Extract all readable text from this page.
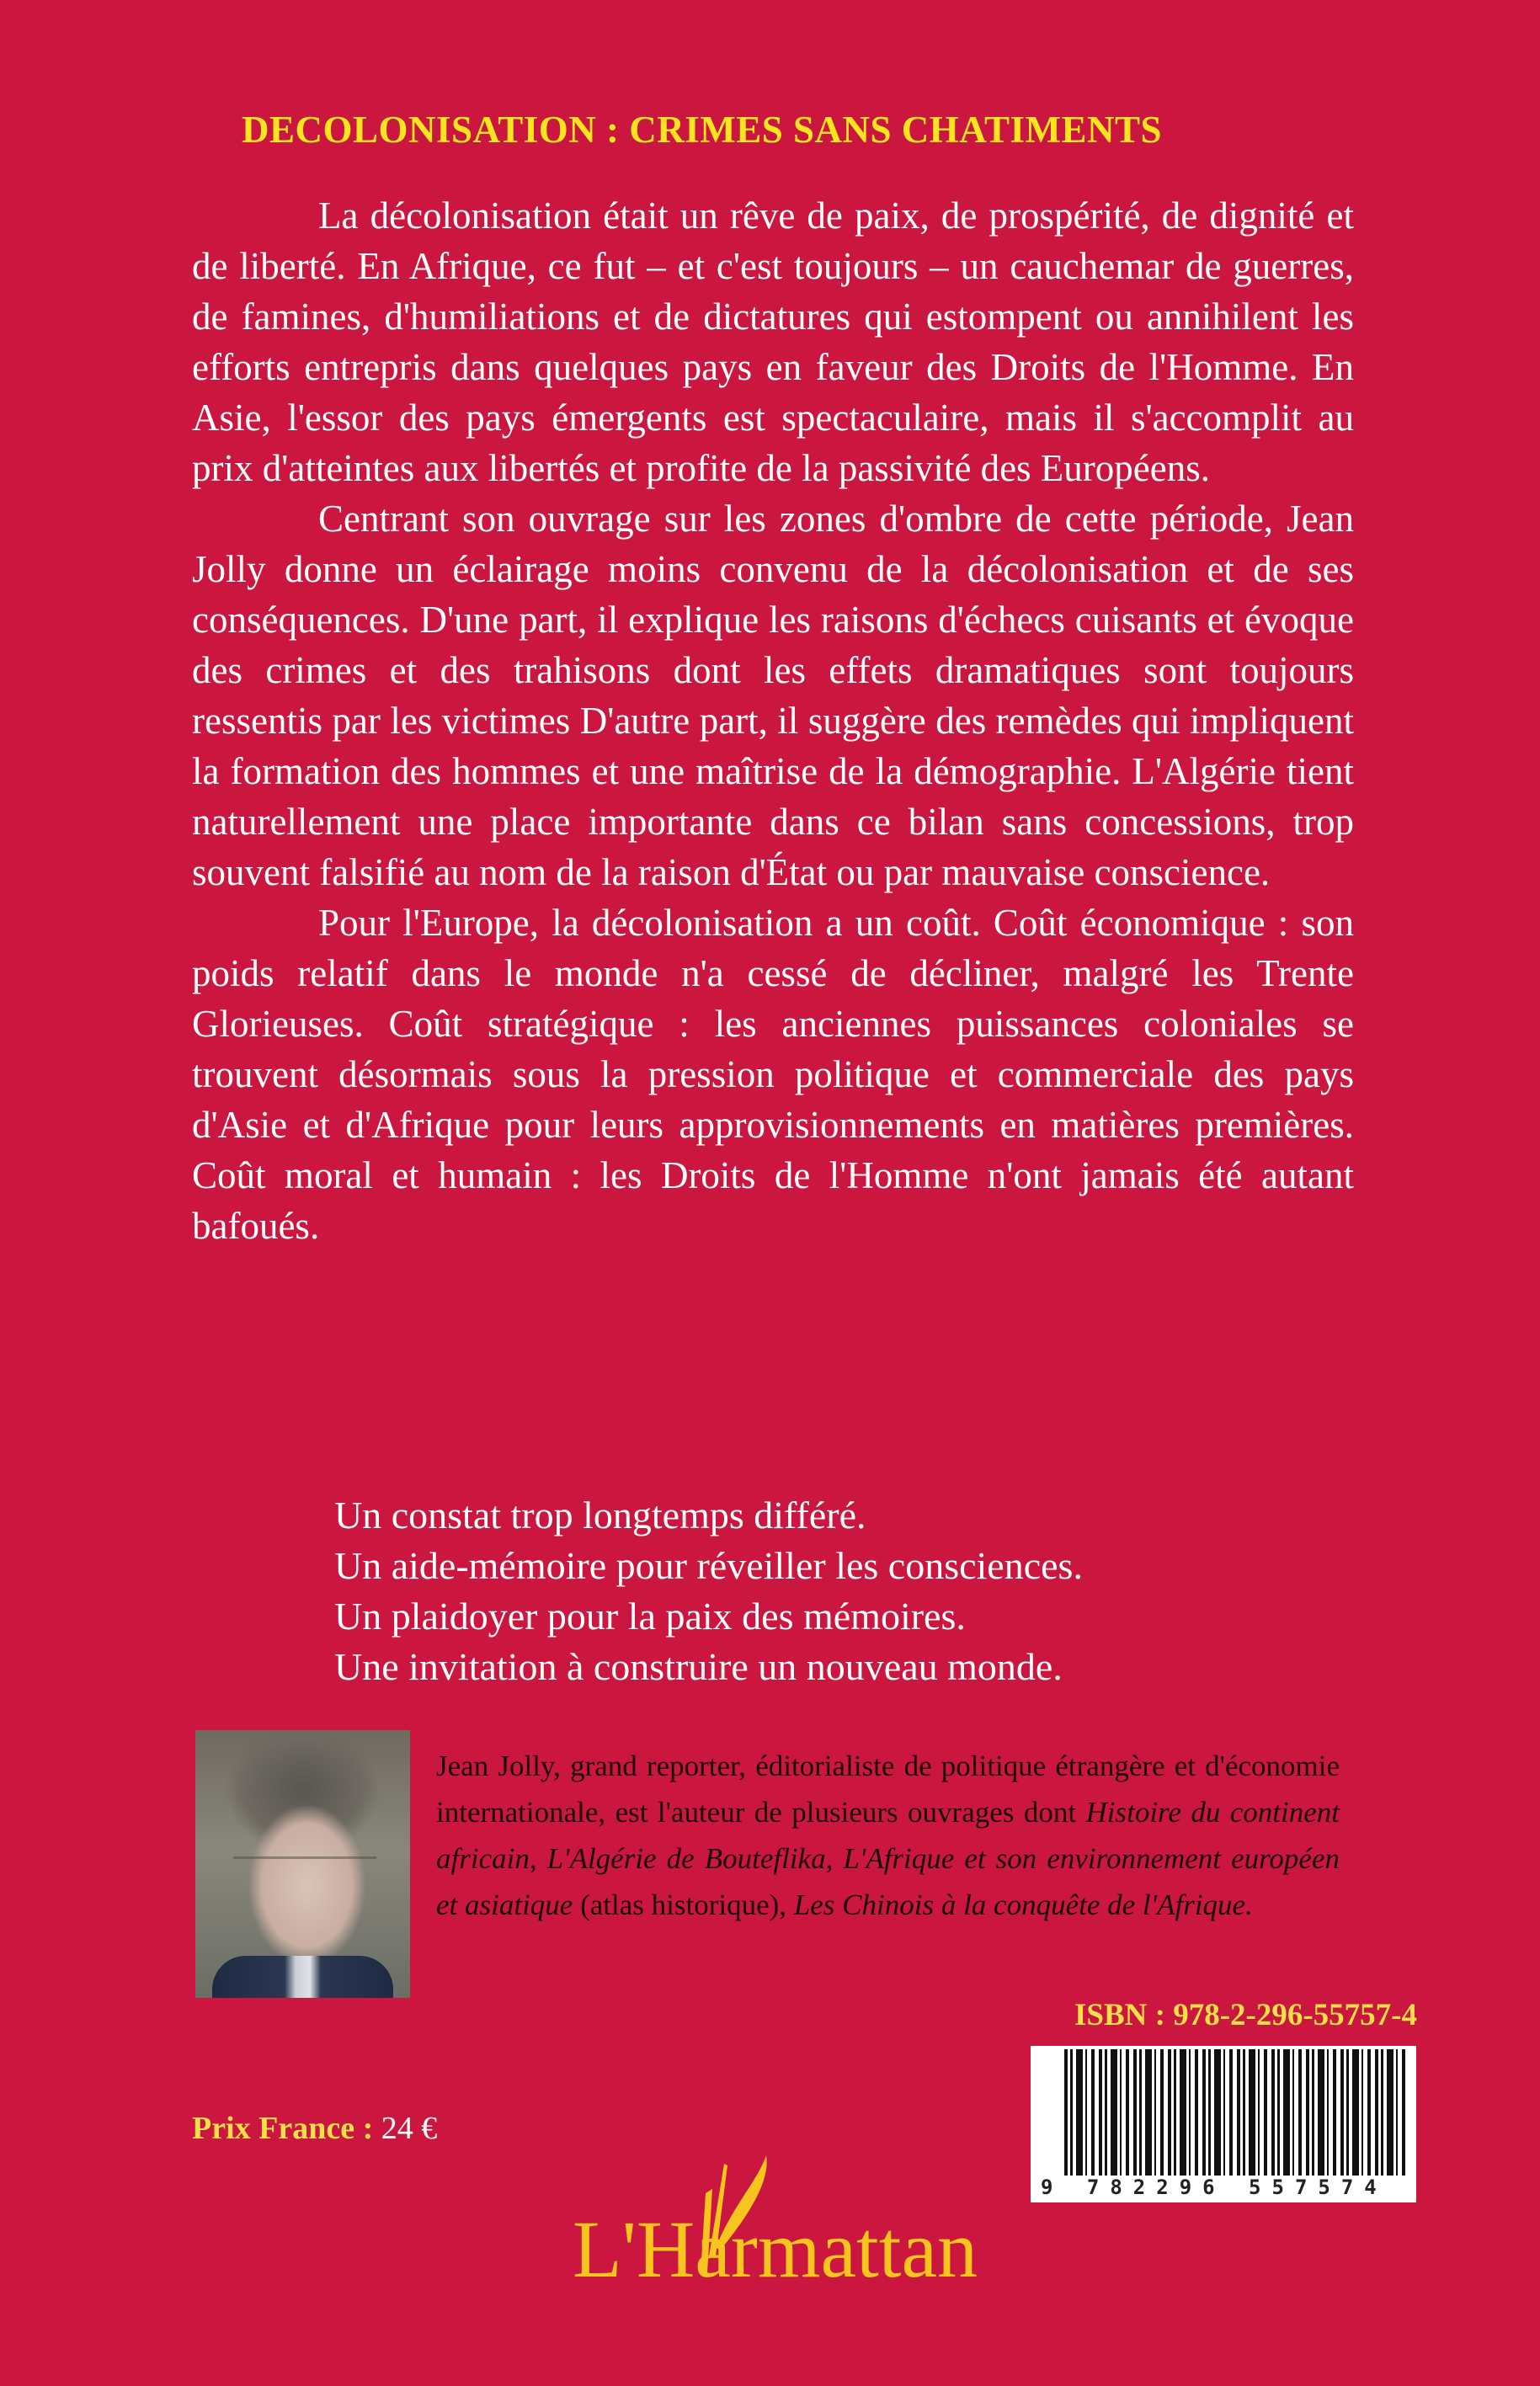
DECOLONISATION : CRIMES SANS CHATIMENTS

La décolonisation était un rêve de paix, de prospérité, de dignité et de liberté. En Afrique, ce fut – et c'est toujours – un cauchemar de guerres, de famines, d'humiliations et de dictatures qui estompent ou annihilent les efforts entrepris dans quelques pays en faveur des Droits de l'Homme. En Asie, l'essor des pays émergents est spectaculaire, mais il s'accomplit au prix d'atteintes aux libertés et profite de la passivité des Européens.

Centrant son ouvrage sur les zones d'ombre de cette période, Jean Jolly donne un éclairage moins convenu de la décolonisation et de ses conséquences. D'une part, il explique les raisons d'échecs cuisants et évoque des crimes et des trahisons dont les effets dramatiques sont toujours ressentis par les victimes D'autre part, il suggère des remèdes qui impliquent la formation des hommes et une maîtrise de la démographie. L'Algérie tient naturellement une place importante dans ce bilan sans concessions, trop souvent falsifié au nom de la raison d'État ou par mauvaise conscience.

Pour l'Europe, la décolonisation a un coût. Coût économique : son poids relatif dans le monde n'a cessé de décliner, malgré les Trente Glorieuses. Coût stratégique : les anciennes puissances coloniales se trouvent désormais sous la pression politique et commerciale des pays d'Asie et d'Afrique pour leurs approvisionnements en matières premières. Coût moral et humain : les Droits de l'Homme n'ont jamais été autant bafoués.

Un constat trop longtemps différé.
Un aide-mémoire pour réveiller les consciences.
Un plaidoyer pour la paix des mémoires.
Une invitation à construire un nouveau monde.
Jean Jolly, grand reporter, éditorialiste de politique étrangère et d'économie internationale, est l'auteur de plusieurs ouvrages dont Histoire du continent africain, L'Algérie de Bouteflika, L'Afrique et son environnement européen et asiatique (atlas historique), Les Chinois à la conquête de l'Afrique.
ISBN : 978-2-296-55757-4
9 782296 557574
Prix France : 24 €
L'Harmattan
